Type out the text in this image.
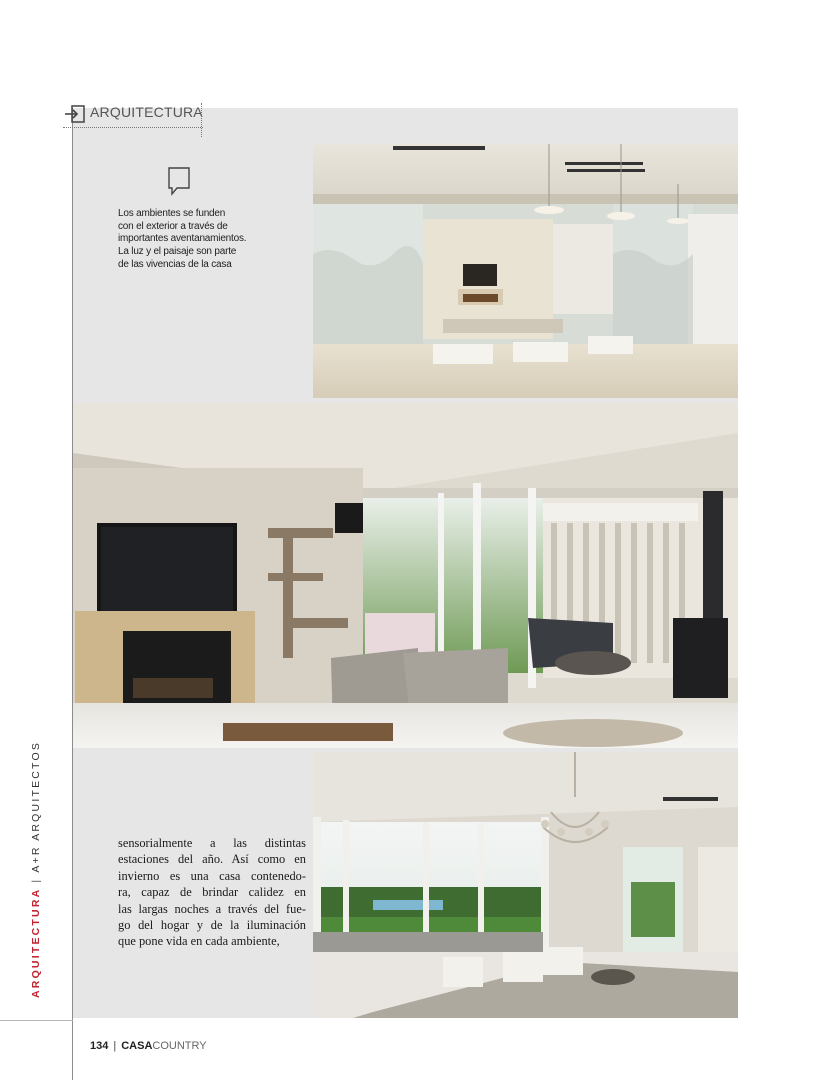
ARQUITECTURA
Los ambientes se funden
con el exterior a través de
importantes aventanamientos.
La luz y el paisaje son parte
de las vivencias de la casa
sensorialmente a las distintas
estaciones del año. Así como en
invierno es una casa contenedo-
ra, capaz de brindar calidez en
las largas noches a través del fue-
go del hogar y de la iluminación
que pone vida en cada ambiente,
ARQUITECTURA|A+R ARQUITECTOS
134 | CASACOUNTRY
